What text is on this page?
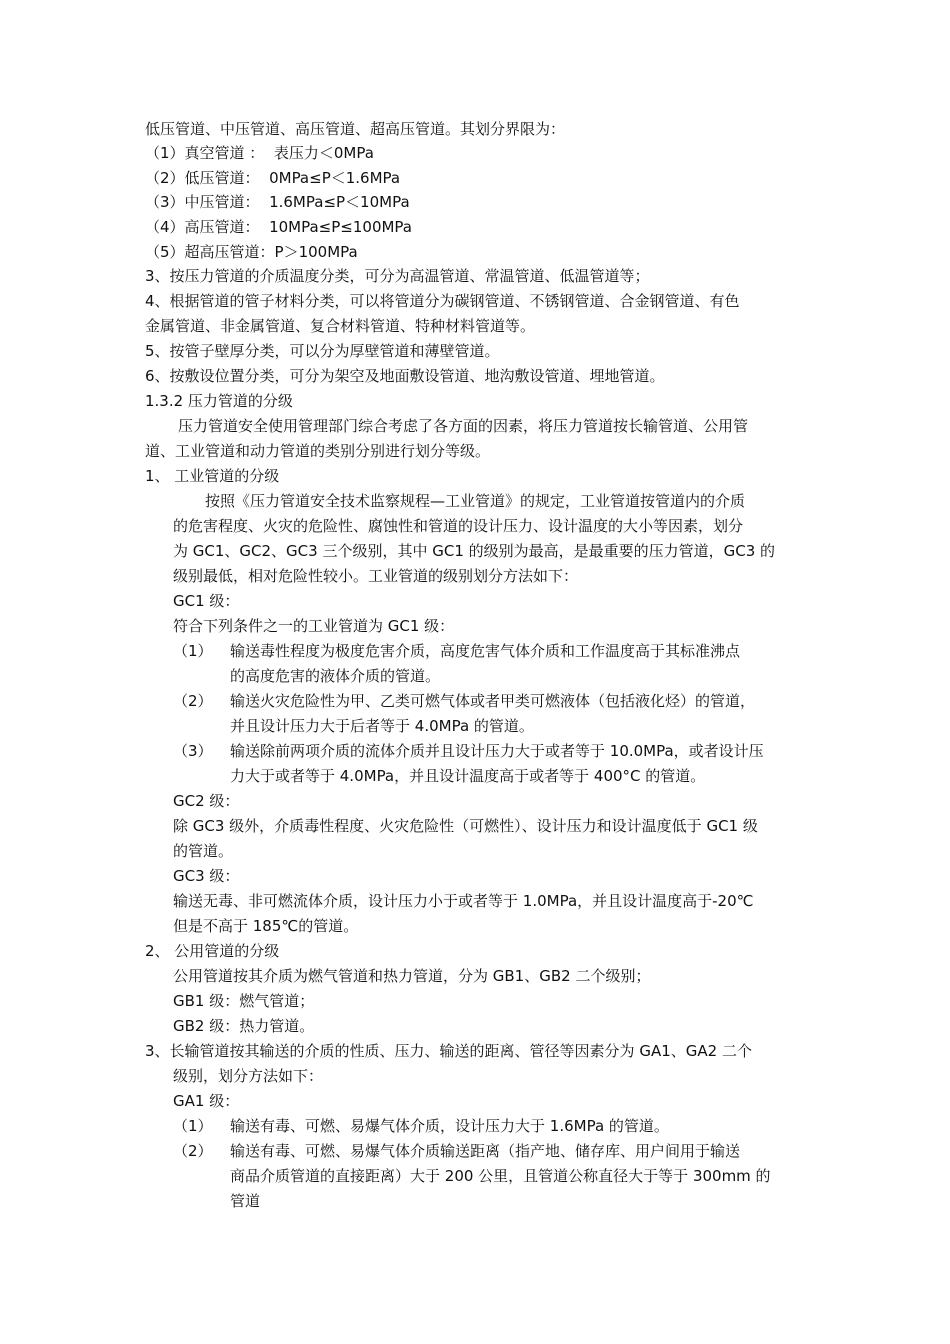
低压管道、中压管道、高压管道、超高压管道。其划分界限为：
（1）真空管道 ：  表压力＜0MPa
（2）低压管道：  0MPa≤P＜1.6MPa
（3）中压管道：  1.6MPa≤P＜10MPa
（4）高压管道：  10MPa≤P≤100MPa
（5）超高压管道：P＞100MPa
3、按压力管道的介质温度分类，可分为高温管道、常温管道、低温管道等；
4、根据管道的管子材料分类，可以将管道分为碳钢管道、不锈钢管道、合金钢管道、有色
金属管道、非金属管道、复合材料管道、特种材料管道等。
5、按管子壁厚分类，可以分为厚壁管道和薄壁管道。
6、按敷设位置分类，可分为架空及地面敷设管道、地沟敷设管道、埋地管道。
1.3.2 压力管道的分级
压力管道安全使用管理部门综合考虑了各方面的因素，将压力管道按长输管道、公用管
道、工业管道和动力管道的类别分别进行划分等级。
1、 工业管道的分级
按照《压力管道安全技术监察规程—工业管道》的规定，工业管道按管道内的介质
的危害程度、火灾的危险性、腐蚀性和管道的设计压力、设计温度的大小等因素，划分
为 GC1、GC2、GC3 三个级别，其中 GC1 的级别为最高，是最重要的压力管道，GC3 的
级别最低，相对危险性较小。工业管道的级别划分方法如下：
GC1 级：
符合下列条件之一的工业管道为 GC1 级：
（1） 输送毒性程度为极度危害介质，高度危害气体介质和工作温度高于其标准沸点
的高度危害的液体介质的管道。
（2） 输送火灾危险性为甲、乙类可燃气体或者甲类可燃液体（包括液化烃）的管道，
并且设计压力大于后者等于 4.0MPa 的管道。
（3） 输送除前两项介质的流体介质并且设计压力大于或者等于 10.0MPa，或者设计压
力大于或者等于 4.0MPa，并且设计温度高于或者等于 400°C 的管道。
GC2 级：
除 GC3 级外，介质毒性程度、火灾危险性（可燃性）、设计压力和设计温度低于 GC1 级
的管道。
GC3 级：
输送无毒、非可燃流体介质，设计压力小于或者等于 1.0MPa，并且设计温度高于-20℃
但是不高于 185℃的管道。
2、 公用管道的分级
公用管道按其介质为燃气管道和热力管道，分为 GB1、GB2 二个级别；
GB1 级：燃气管道；
GB2 级：热力管道。
3、长输管道按其输送的介质的性质、压力、输送的距离、管径等因素分为 GA1、GA2 二个
级别，划分方法如下：
GA1 级：
（1） 输送有毒、可燃、易爆气体介质，设计压力大于 1.6MPa 的管道。
（2） 输送有毒、可燃、易爆气体介质输送距离（指产地、储存库、用户间用于输送
商品介质管道的直接距离）大于 200 公里，且管道公称直径大于等于 300mm 的
管道
